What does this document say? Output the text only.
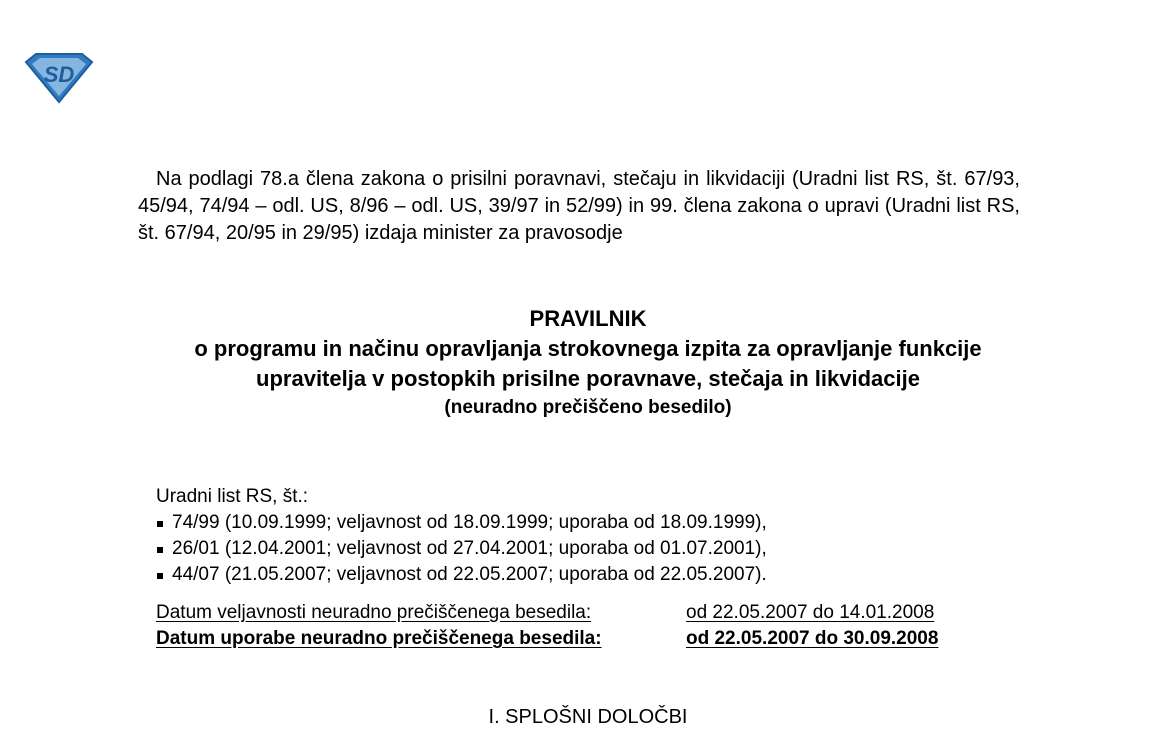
SD

Na podlagi 78.a člena zakona o prisilni poravnavi, stečaju in likvidaciji (Uradni list RS, št. 67/93, 45/94, 74/94 – odl. US, 8/96 – odl. US, 39/97 in 52/99) in 99. člena zakona o upravi (Uradni list RS, št. 67/94, 20/95 in 29/95) izdaja minister za pravosodje

PRAVILNIK
o programu in načinu opravljanja strokovnega izpita za opravljanje funkcije upravitelja v postopkih prisilne poravnave, stečaja in likvidacije
(neuradno prečiščeno besedilo)
Uradni list RS, št.:
74/99 (10.09.1999; veljavnost od 18.09.1999; uporaba od 18.09.1999),
26/01 (12.04.2001; veljavnost od 27.04.2001; uporaba od 01.07.2001),
44/07 (21.05.2007; veljavnost od 22.05.2007; uporaba od 22.05.2007).
Datum veljavnosti neuradno prečiščenega besedila:	od 22.05.2007 do 14.01.2008
Datum uporabe neuradno prečiščenega besedila:	od 22.05.2007 do 30.09.2008
I. SPLOŠNI DOLOČBI
